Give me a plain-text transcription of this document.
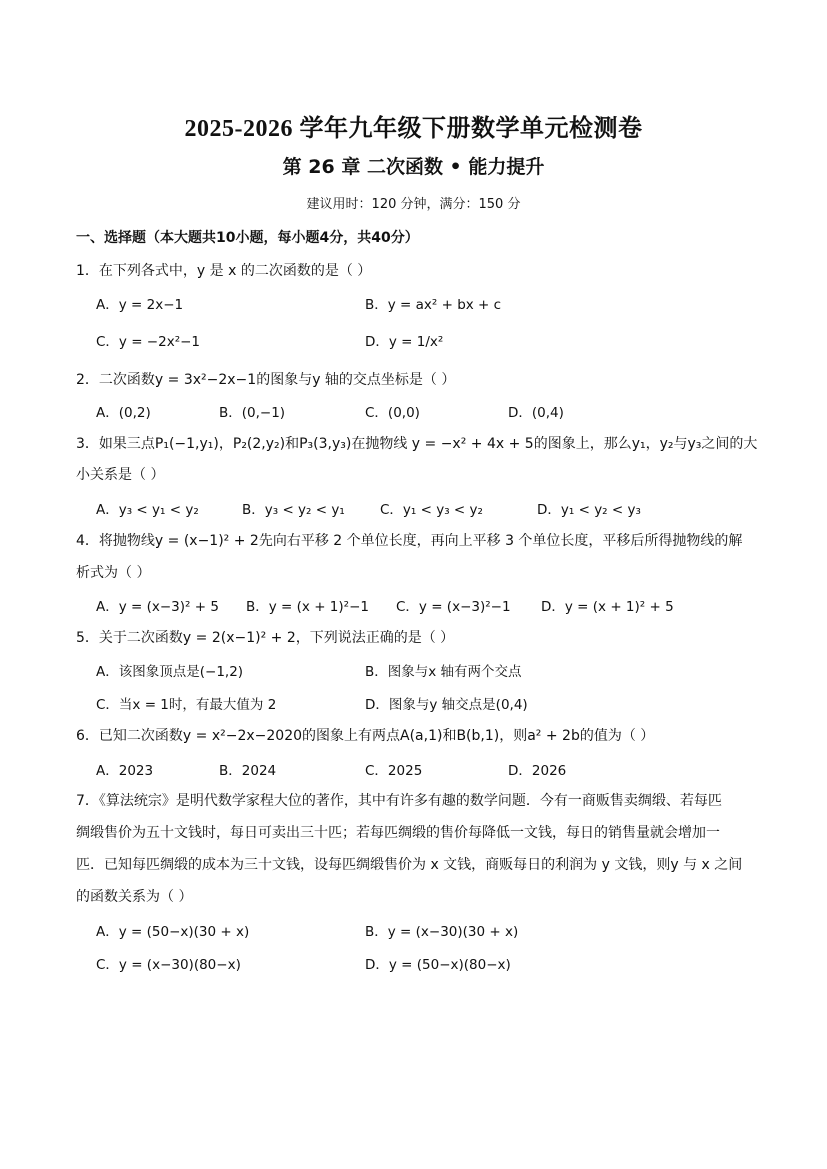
2025-2026 学年九年级下册数学单元检测卷
第 26 章 二次函数 • 能力提升
建议用时：120 分钟，满分：150 分
一、选择题（本大题共10小题，每小题4分，共40分）
1．在下列各式中，y 是 x 的二次函数的是（ ）
A．y = 2x−1	B．y = ax² + bx + c
C．y = −2x²−1	D．y = 1/x²
2．二次函数y = 3x²−2x−1的图象与y 轴的交点坐标是（ ）
A．(0,2)	B．(0,−1)	C．(0,0)	D．(0,4)
3．如果三点P₁(−1,y₁)，P₂(2,y₂)和P₃(3,y₃)在抛物线 y = −x² + 4x + 5的图象上，那么y₁，y₂与y₃之间的大
小关系是（ ）
A．y₃ < y₁ < y₂	B．y₃ < y₂ < y₁	C．y₁ < y₃ < y₂	D．y₁ < y₂ < y₃
4．将抛物线y = (x−1)² + 2先向右平移 2 个单位长度，再向上平移 3 个单位长度，平移后所得抛物线的解
析式为（ ）
A．y = (x−3)² + 5 B．y = (x + 1)²−1 C．y = (x−3)²−1 D．y = (x + 1)² + 5
5．关于二次函数y = 2(x−1)² + 2，下列说法正确的是（ ）
A．该图象顶点是(−1,2)	B．图象与x 轴有两个交点
C．当x = 1时，有最大值为 2	D．图象与y 轴交点是(0,4)
6．已知二次函数y = x²−2x−2020的图象上有两点A(a,1)和B(b,1)，则a² + 2b的值为（ ）
A．2023	B．2024	C．2025	D．2026
7．《算法统宗》是明代数学家程大位的著作，其中有许多有趣的数学问题．今有一商贩售卖绸缎、若每匹
绸缎售价为五十文钱时，每日可卖出三十匹；若每匹绸缎的售价每降低一文钱，每日的销售量就会增加一
匹．已知每匹绸缎的成本为三十文钱，设每匹绸缎售价为 x 文钱，商贩每日的利润为 y 文钱，则y 与 x 之间
的函数关系为（ ）
A．y = (50−x)(30 + x)	B．y = (x−30)(30 + x)
C．y = (x−30)(80−x)	D．y = (50−x)(80−x)
